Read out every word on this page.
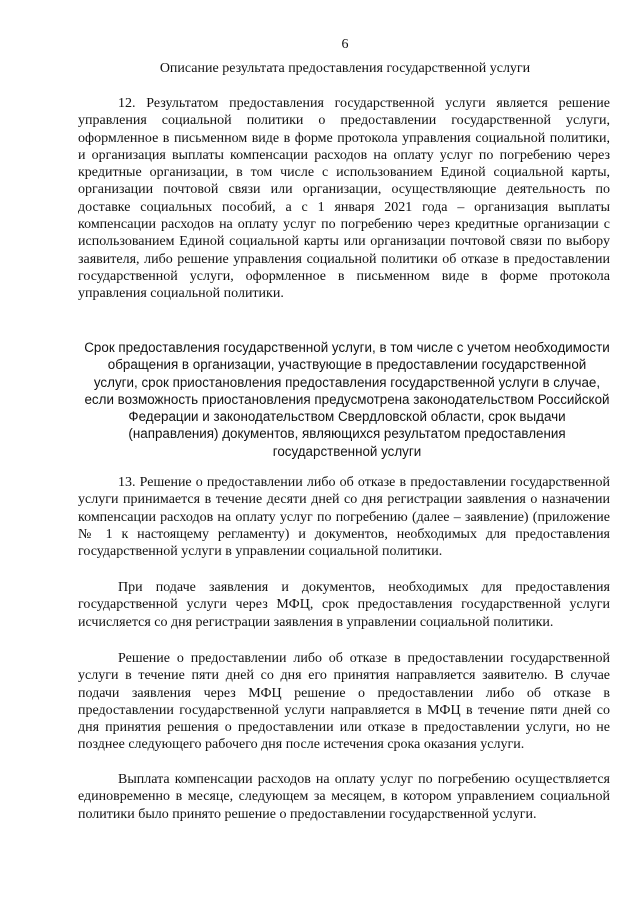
6
Описание результата предоставления государственной услуги

12. Результатом предоставления государственной услуги является решение управления социальной политики о предоставлении государственной услуги, оформленное в письменном виде в форме протокола управления социальной политики, и организация выплаты компенсации расходов на оплату услуг по погребению через кредитные организации, в том числе с использованием Единой социальной карты, организации почтовой связи или организации, осуществляющие деятельность по доставке социальных пособий, а с 1 января 2021 года – организация выплаты компенсации расходов на оплату услуг по погребению через кредитные организации с использованием Единой социальной карты или организации почтовой связи по выбору заявителя, либо решение управления социальной политики об отказе в предоставлении государственной услуги, оформленное в письменном виде в форме протокола управления социальной политики.

Срок предоставления государственной услуги, в том числе с учетом необходимости обращения в организации, участвующие в предоставлении государственной услуги, срок приостановления предоставления государственной услуги в случае, если возможность приостановления предусмотрена законодательством Российской Федерации и законодательством Свердловской области, срок выдачи (направления) документов, являющихся результатом предоставления государственной услуги

13. Решение о предоставлении либо об отказе в предоставлении государственной услуги принимается в течение десяти дней со дня регистрации заявления о назначении компенсации расходов на оплату услуг по погребению (далее – заявление) (приложение № 1 к настоящему регламенту) и документов, необходимых для предоставления государственной услуги в управлении социальной политики.

При подаче заявления и документов, необходимых для предоставления государственной услуги через МФЦ, срок предоставления государственной услуги исчисляется со дня регистрации заявления в управлении социальной политики.

Решение о предоставлении либо об отказе в предоставлении государственной услуги в течение пяти дней со дня его принятия направляется заявителю. В случае подачи заявления через МФЦ решение о предоставлении либо об отказе в предоставлении государственной услуги направляется в МФЦ в течение пяти дней со дня принятия решения о предоставлении или отказе в предоставлении услуги, но не позднее следующего рабочего дня после истечения срока оказания услуги.

Выплата компенсации расходов на оплату услуг по погребению осуществляется единовременно в месяце, следующем за месяцем, в котором управлением социальной политики было принято решение о предоставлении государственной услуги.
